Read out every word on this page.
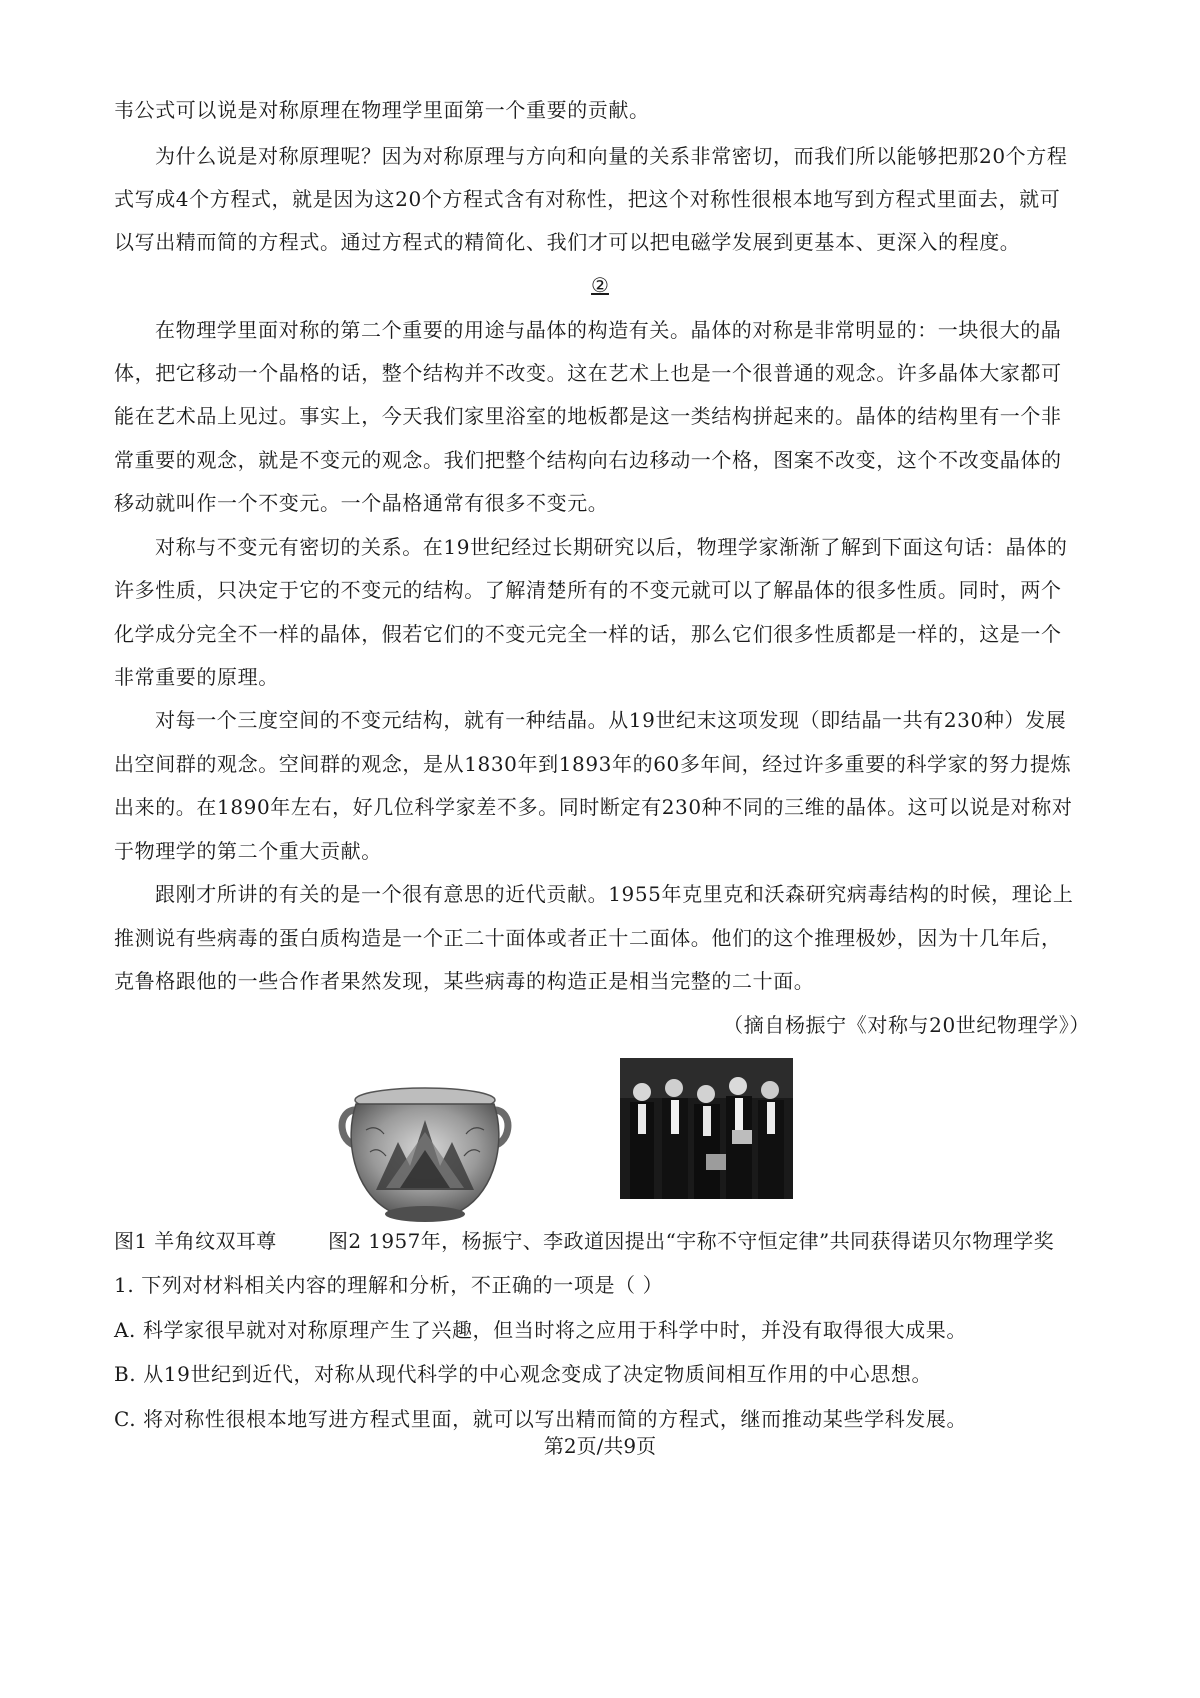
韦公式可以说是对称原理在物理学里面第一个重要的贡献。
为什么说是对称原理呢？因为对称原理与方向和向量的关系非常密切，而我们所以能够把那20个方程
式写成4个方程式，就是因为这20个方程式含有对称性，把这个对称性很根本地写到方程式里面去，就可
以写出精而简的方程式。通过方程式的精简化、我们才可以把电磁学发展到更基本、更深入的程度。
②
在物理学里面对称的第二个重要的用途与晶体的构造有关。晶体的对称是非常明显的：一块很大的晶
体，把它移动一个晶格的话，整个结构并不改变。这在艺术上也是一个很普通的观念。许多晶体大家都可
能在艺术品上见过。事实上，今天我们家里浴室的地板都是这一类结构拼起来的。晶体的结构里有一个非
常重要的观念，就是不变元的观念。我们把整个结构向右边移动一个格，图案不改变，这个不改变晶体的
移动就叫作一个不变元。一个晶格通常有很多不变元。
对称与不变元有密切的关系。在19世纪经过长期研究以后，物理学家渐渐了解到下面这句话：晶体的
许多性质，只决定于它的不变元的结构。了解清楚所有的不变元就可以了解晶体的很多性质。同时，两个
化学成分完全不一样的晶体，假若它们的不变元完全一样的话，那么它们很多性质都是一样的，这是一个
非常重要的原理。
对每一个三度空间的不变元结构，就有一种结晶。从19世纪末这项发现（即结晶一共有230种）发展
出空间群的观念。空间群的观念，是从1830年到1893年的60多年间，经过许多重要的科学家的努力提炼
出来的。在1890年左右，好几位科学家差不多。同时断定有230种不同的三维的晶体。这可以说是对称对
于物理学的第二个重大贡献。
跟刚才所讲的有关的是一个很有意思的近代贡献。1955年克里克和沃森研究病毒结构的时候，理论上
推测说有些病毒的蛋白质构造是一个正二十面体或者正十二面体。他们的这个推理极妙，因为十几年后，
克鲁格跟他的一些合作者果然发现，某些病毒的构造正是相当完整的二十面。
（摘自杨振宁《对称与20世纪物理学》）
图1 羊角纹双耳尊	图2 1957年，杨振宁、李政道因提出“宇称不守恒定律”共同获得诺贝尔物理学奖
1. 下列对材料相关内容的理解和分析，不正确的一项是（ ）
A. 科学家很早就对对称原理产生了兴趣，但当时将之应用于科学中时，并没有取得很大成果。
B. 从19世纪到近代，对称从现代科学的中心观念变成了决定物质间相互作用的中心思想。
C. 将对称性很根本地写进方程式里面，就可以写出精而简的方程式，继而推动某些学科发展。
第2页/共9页
